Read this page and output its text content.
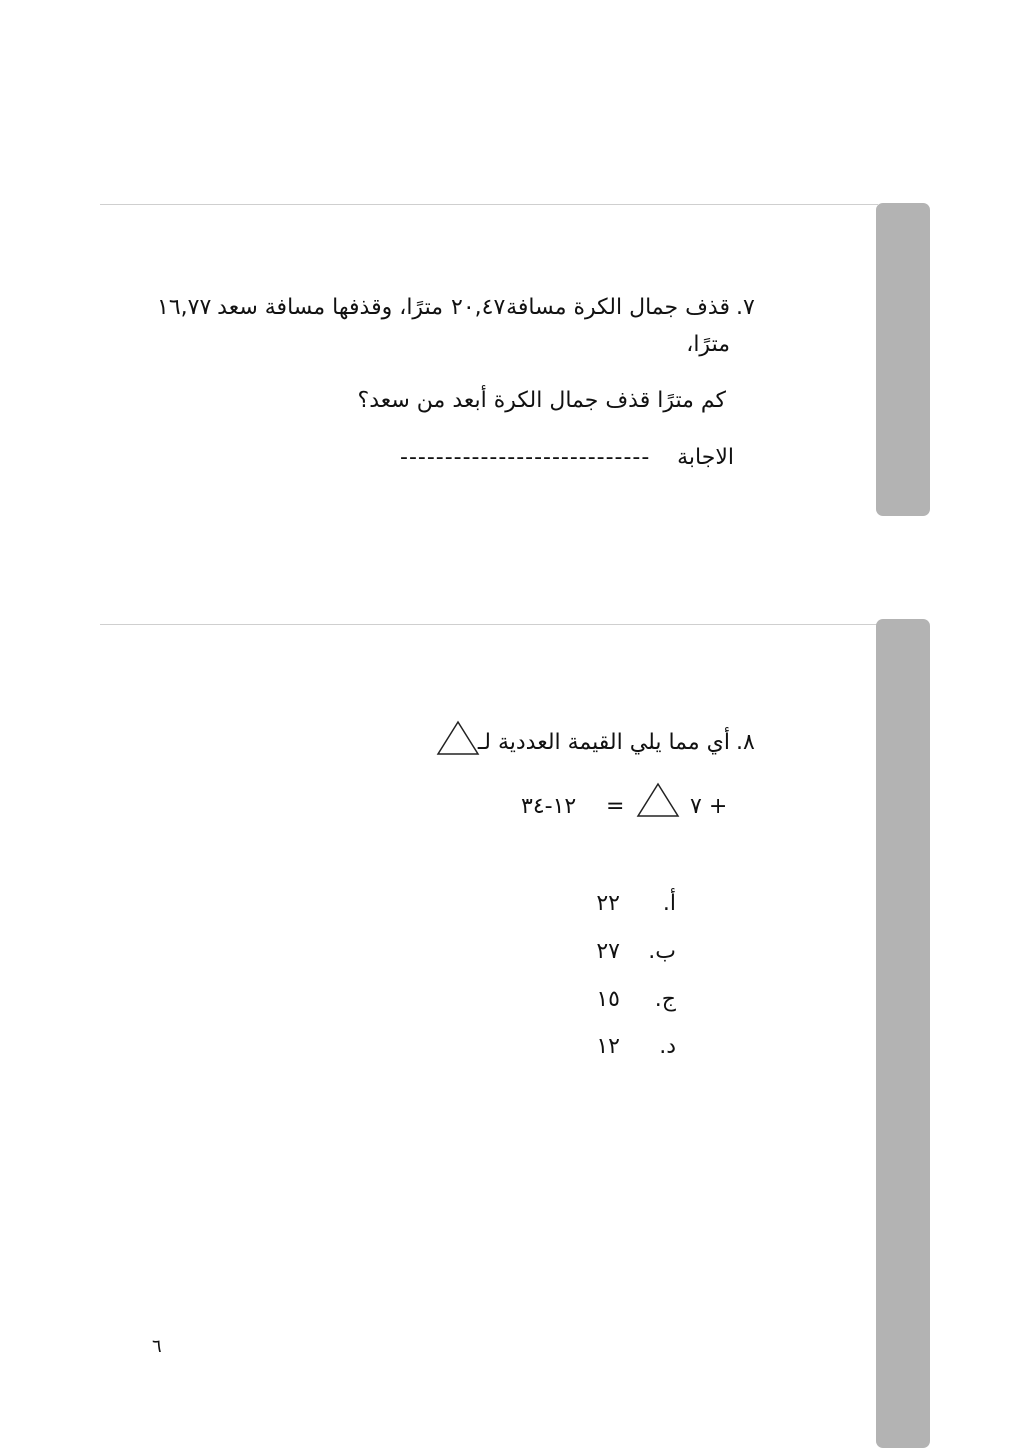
٧.
قذف جمال الكرة مسافة
٢٠,٤٧
مترًا، وقذفها مسافة سعد
١٦,٧٧
مترًا،
كم مترًا قذف جمال الكرة أبعد من سعد؟
الاجابة
----------------------------
٨.
أي مما يلي القيمة العددية لـ
+ ٧
=
١٢-٣٤
أ.
٢٢
ب.
٢٧
ج.
١٥
د.
١٢
٦
